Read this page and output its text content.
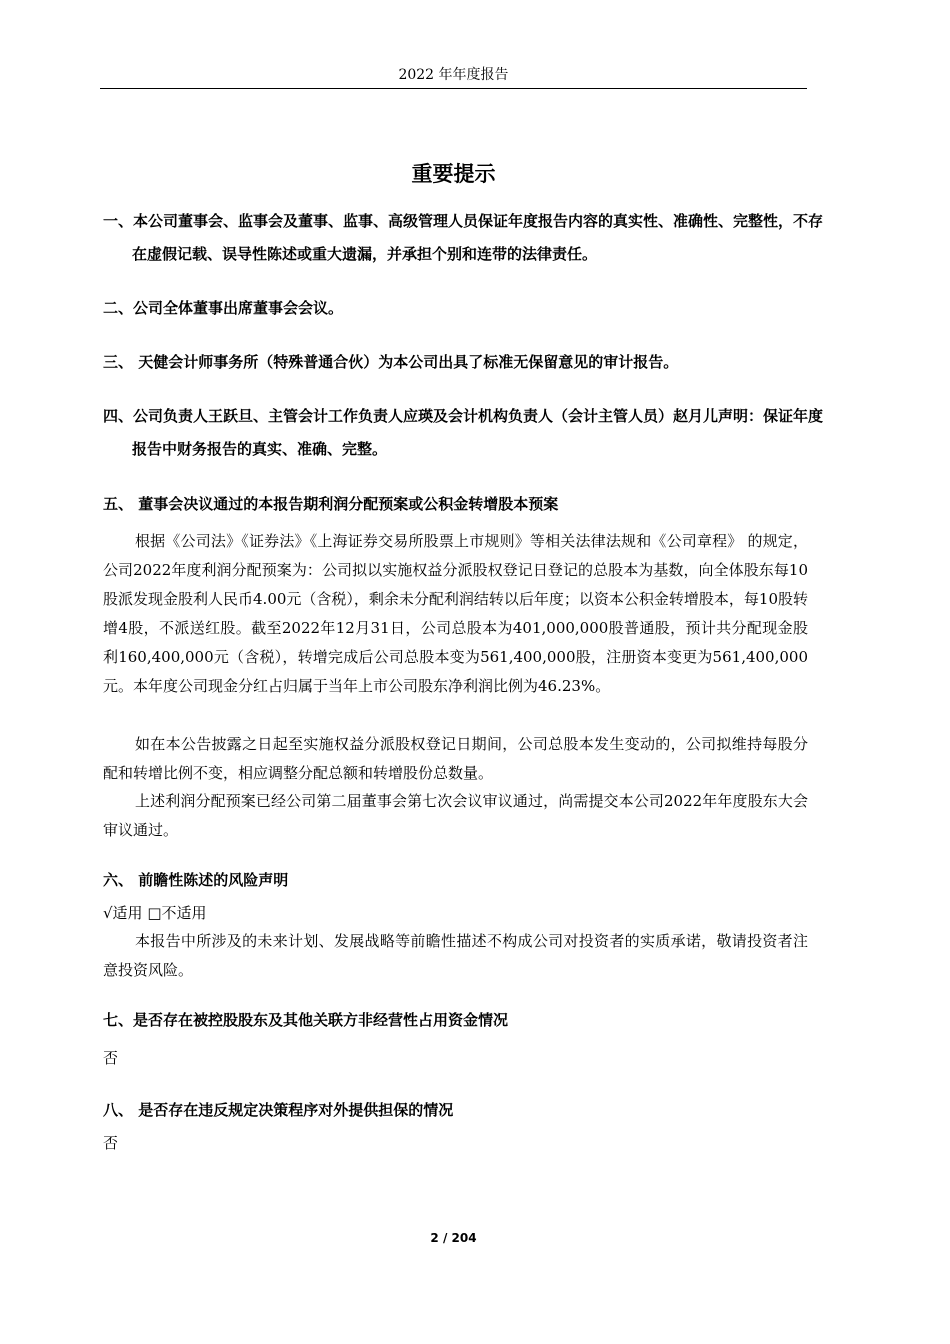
2022 年年度报告
重要提示
一、本公司董事会、监事会及董事、监事、高级管理人员保证年度报告内容的真实性、准确性、完整性，不存在虚假记载、误导性陈述或重大遗漏，并承担个别和连带的法律责任。
二、公司全体董事出席董事会会议。
三、 天健会计师事务所（特殊普通合伙）为本公司出具了标准无保留意见的审计报告。
四、公司负责人王跃旦、主管会计工作负责人应瑛及会计机构负责人（会计主管人员）赵月儿声明：保证年度报告中财务报告的真实、准确、完整。
五、 董事会决议通过的本报告期利润分配预案或公积金转增股本预案
根据《公司法》《证券法》《上海证券交易所股票上市规则》等相关法律法规和《公司章程》 的规定，公司2022年度利润分配预案为：公司拟以实施权益分派股权登记日登记的总股本为基数，向全体股东每10股派发现金股利人民币4.00元（含税），剩余未分配利润结转以后年度；以资本公积金转增股本，每10股转增4股，不派送红股。截至2022年12月31日，公司总股本为401,000,000股普通股，预计共分配现金股利160,400,000元（含税），转增完成后公司总股本变为561,400,000股，注册资本变更为561,400,000元。本年度公司现金分红占归属于当年上市公司股东净利润比例为46.23%。
如在本公告披露之日起至实施权益分派股权登记日期间，公司总股本发生变动的，公司拟维持每股分配和转增比例不变，相应调整分配总额和转增股份总数量。
上述利润分配预案已经公司第二届董事会第七次会议审议通过，尚需提交本公司2022年年度股东大会审议通过。
六、 前瞻性陈述的风险声明
√适用 □不适用
本报告中所涉及的未来计划、发展战略等前瞻性描述不构成公司对投资者的实质承诺，敬请投资者注意投资风险。
七、是否存在被控股股东及其他关联方非经营性占用资金情况
否
八、 是否存在违反规定决策程序对外提供担保的情况
否
2 / 204
